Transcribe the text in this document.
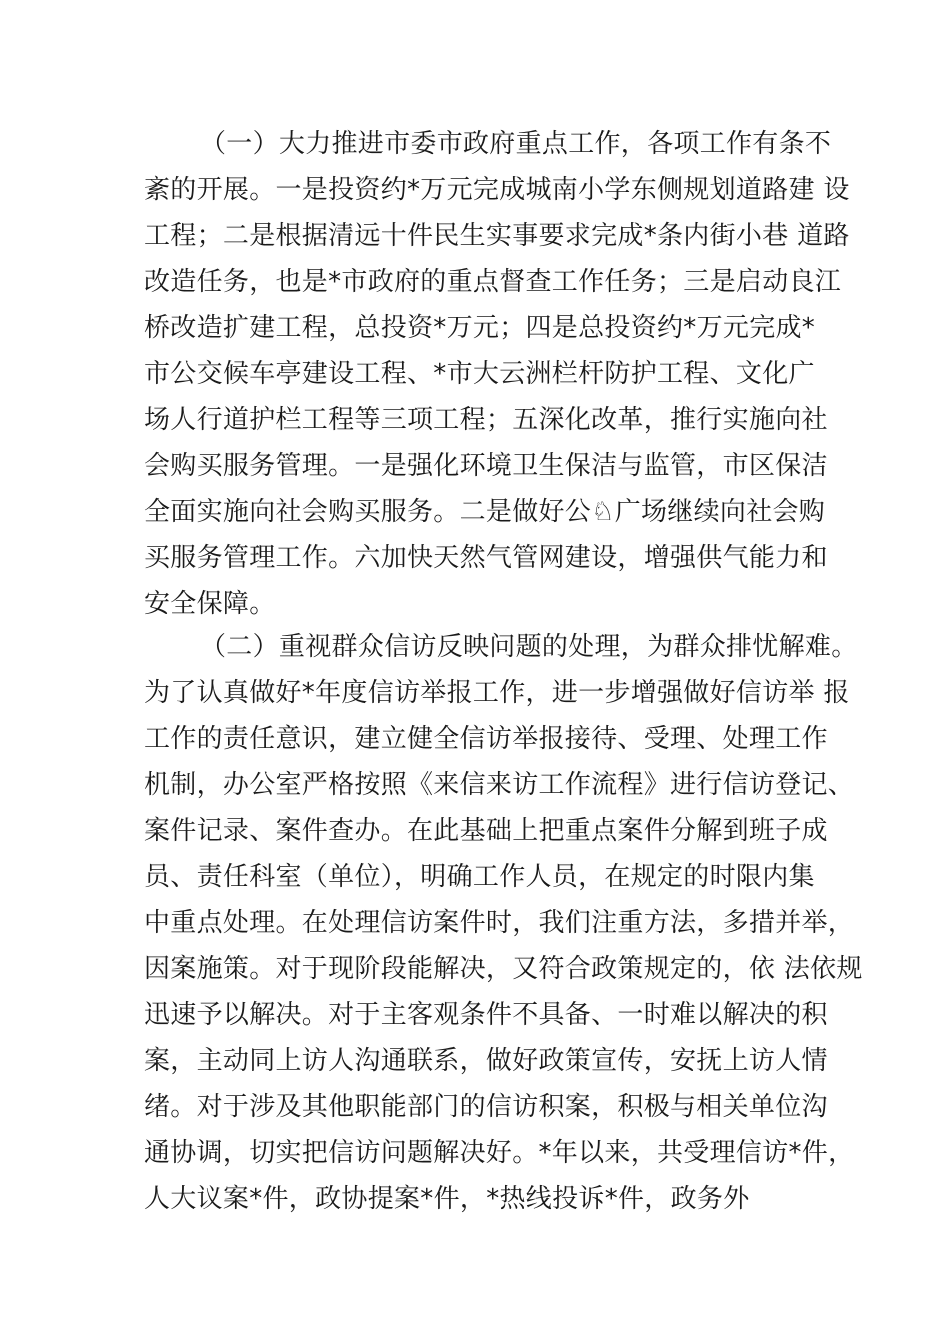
（一）大力推进市委市政府重点工作，各项工作有条不
紊的开展。一是投资约*万元完成城南小学东侧规划道路建 设
工程；二是根据清远十件民生实事要求完成*条内街小巷 道路
改造任务，也是*市政府的重点督查工作任务；三是启动良江
桥改造扩建工程，总投资*万元；四是总投资约*万元完成*
市公交候车亭建设工程、*市大云洲栏杆防护工程、文化广
场人行道护栏工程等三项工程；五深化改革，推行实施向社
会购买服务管理。一是强化环境卫生保洁与监管，市区保洁
全面实施向社会购买服务。二是做好公♘广场继续向社会购
买服务管理工作。六加快天然气管网建设，增强供气能力和
安全保障。
（二）重视群众信访反映问题的处理，为群众排忧解难。
为了认真做好*年度信访举报工作，进一步增强做好信访举 报
工作的责任意识，建立健全信访举报接待、受理、处理工作
机制，办公室严格按照《来信来访工作流程》进行信访登记、
案件记录、案件查办。在此基础上把重点案件分解到班子成
员、责任科室（单位），明确工作人员，在规定的时限内集
中重点处理。在处理信访案件时，我们注重方法，多措并举，
因案施策。对于现阶段能解决，又符合政策规定的，依 法依规
迅速予以解决。对于主客观条件不具备、一时难以解决的积
案，主动同上访人沟通联系，做好政策宣传，安抚上访人情
绪。对于涉及其他职能部门的信访积案，积极与相关单位沟
通协调，切实把信访问题解决好。*年以来，共受理信访*件，
人大议案*件，政协提案*件，*热线投诉*件，政务外
